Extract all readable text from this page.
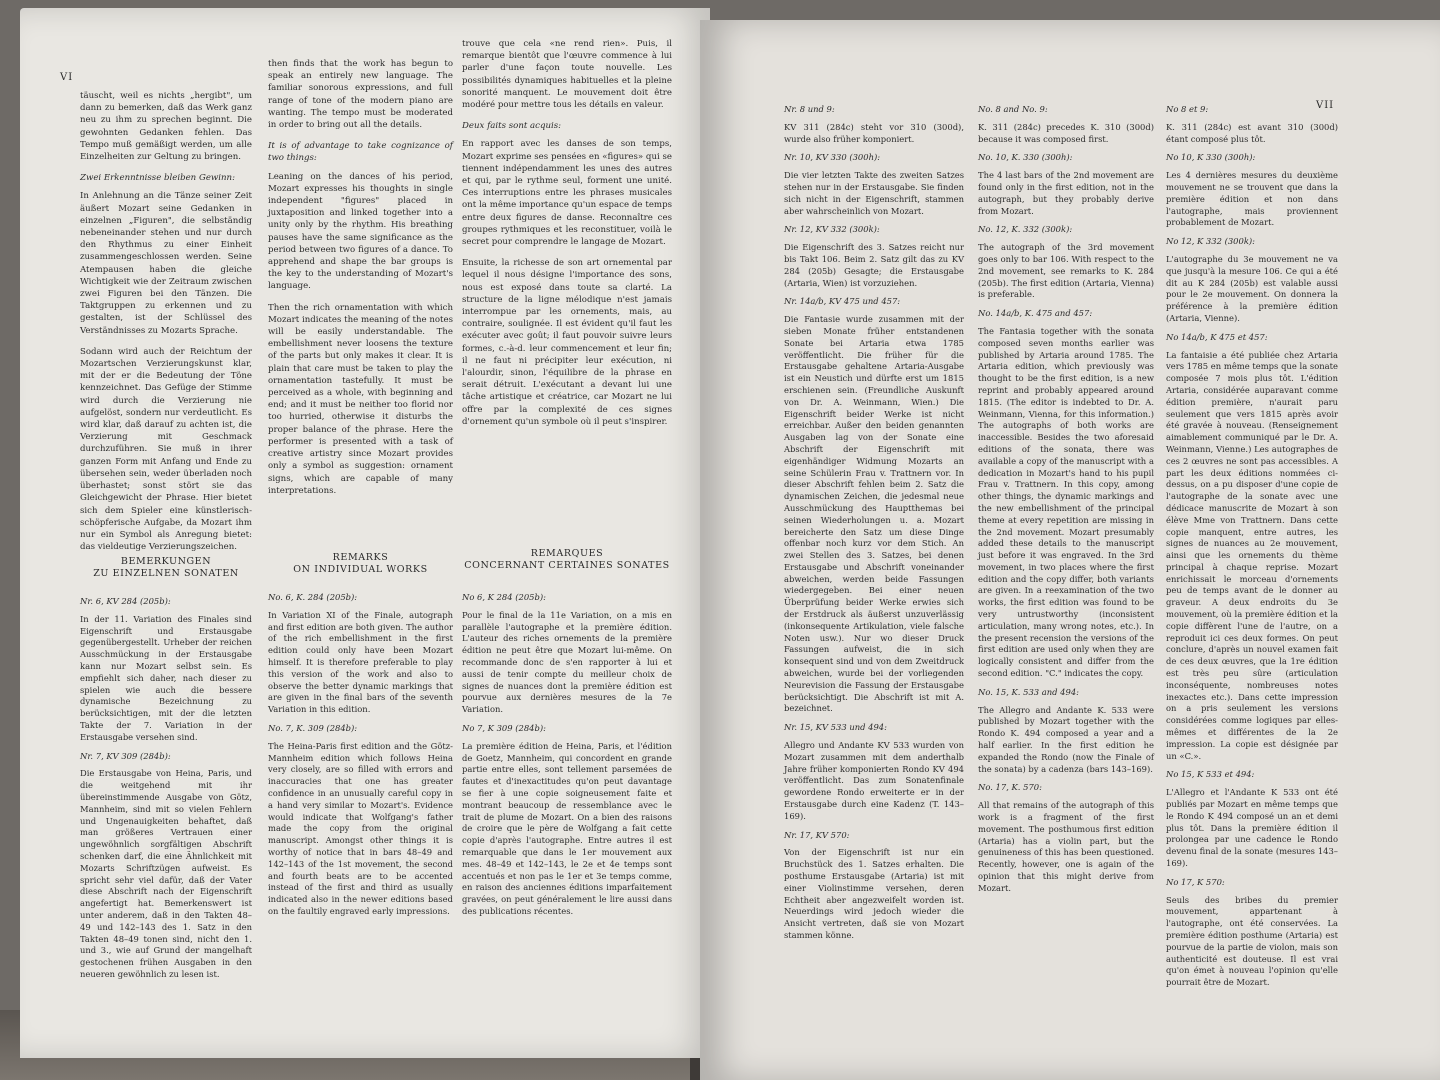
VI

täuscht, weil es nichts „hergibt", um dann zu bemerken, daß das Werk ganz neu zu ihm zu sprechen beginnt. Die gewohnten Gedanken fehlen. Das Tempo muß gemäßigt werden, um alle Einzelheiten zur Geltung zu bringen.

Zwei Erkenntnisse bleiben Gewinn:

In Anlehnung an die Tänze seiner Zeit äußert Mozart seine Gedanken in einzelnen „Figuren", die selbständig nebeneinander stehen und nur durch den Rhythmus zu einer Einheit zusammengeschlossen werden. Seine Atempausen haben die gleiche Wichtigkeit wie der Zeitraum zwischen zwei Figuren bei den Tänzen. Die Taktgruppen zu erkennen und zu gestalten, ist der Schlüssel des Verständnisses zu Mozarts Sprache.

Sodann wird auch der Reichtum der Mozartschen Verzierungskunst klar, mit der er die Bedeutung der Töne kennzeichnet. Das Gefüge der Stimme wird durch die Verzierung nie aufgelöst, sondern nur verdeutlicht. Es wird klar, daß darauf zu achten ist, die Verzierung mit Geschmack durchzuführen. Sie muß in ihrer ganzen Form mit Anfang und Ende zu übersehen sein, weder überladen noch überhastet; sonst stört sie das Gleichgewicht der Phrase. Hier bietet sich dem Spieler eine künstlerisch-schöpferische Aufgabe, da Mozart ihm nur ein Symbol als Anregung bietet: das vieldeutige Verzierungszeichen.

then finds that the work has begun to speak an entirely new language. The familiar sonorous expressions, and full range of tone of the modern piano are wanting. The tempo must be moderated in order to bring out all the details.

It is of advantage to take cognizance of two things:

Leaning on the dances of his period, Mozart expresses his thoughts in single independent "figures" placed in juxtaposition and linked together into a unity only by the rhythm. His breathing pauses have the same significance as the period between two figures of a dance. To apprehend and shape the bar groups is the key to the understanding of Mozart's language.

Then the rich ornamentation with which Mozart indicates the meaning of the notes will be easily understandable. The embellishment never loosens the texture of the parts but only makes it clear. It is plain that care must be taken to play the ornamentation tastefully. It must be perceived as a whole, with beginning and end; and it must be neither too florid nor too hurried, otherwise it disturbs the proper balance of the phrase. Here the performer is presented with a task of creative artistry since Mozart provides only a symbol as suggestion: ornament signs, which are capable of many interpretations.

trouve que cela «ne rend rien». Puis, il remarque bientôt que l'œuvre commence à lui parler d'une façon toute nouvelle. Les possibilités dynamiques habituelles et la pleine sonorité manquent. Le mouvement doit être modéré pour mettre tous les détails en valeur.

Deux faits sont acquis:

En rapport avec les danses de son temps, Mozart exprime ses pensées en «figures» qui se tiennent indépendamment les unes des autres et qui, par le rythme seul, forment une unité. Ces interruptions entre les phrases musicales ont la même importance qu'un espace de temps entre deux figures de danse. Reconnaître ces groupes rythmiques et les reconstituer, voilà le secret pour comprendre le langage de Mozart.

Ensuite, la richesse de son art ornemental par lequel il nous désigne l'importance des sons, nous est exposé dans toute sa clarté. La structure de la ligne mélodique n'est jamais interrompue par les ornements, mais, au contraire, soulignée. Il est évident qu'il faut les exécuter avec goût; il faut pouvoir suivre leurs formes, c.-à-d. leur commencement et leur fin; il ne faut ni précipiter leur exécution, ni l'alourdir, sinon, l'équilibre de la phrase en serait détruit. L'exécutant a devant lui une tâche artistique et créatrice, car Mozart ne lui offre par la complexité de ces signes d'ornement qu'un symbole où il peut s'inspirer.

BEMERKUNGEN
ZU EINZELNEN SONATEN
REMARKS
ON INDIVIDUAL WORKS
REMARQUES
CONCERNANT CERTAINES SONATES

Nr. 6, KV 284 (205b):

In der 11. Variation des Finales sind Eigenschrift und Erstausgabe gegenübergestellt. Urheber der reichen Ausschmückung in der Erstausgabe kann nur Mozart selbst sein. Es empfiehlt sich daher, nach dieser zu spielen wie auch die bessere dynamische Bezeichnung zu berücksichtigen, mit der die letzten Takte der 7. Variation in der Erstausgabe versehen sind.

Nr. 7, KV 309 (284b):

Die Erstausgabe von Heina, Paris, und die weitgehend mit ihr übereinstimmende Ausgabe von Götz, Mannheim, sind mit so vielen Fehlern und Ungenauigkeiten behaftet, daß man größeres Vertrauen einer ungewöhnlich sorgfältigen Abschrift schenken darf, die eine Ähnlichkeit mit Mozarts Schriftzügen aufweist. Es spricht sehr viel dafür, daß der Vater diese Abschrift nach der Eigenschrift angefertigt hat. Bemerkenswert ist unter anderem, daß in den Takten 48–49 und 142–143 des 1. Satz in den Takten 48–49 tonen sind, nicht den 1. und 3., wie auf Grund der mangelhaft gestochenen frühen Ausgaben in den neueren gewöhnlich zu lesen ist.

No. 6, K. 284 (205b):

In Variation XI of the Finale, autograph and first edition are both given. The author of the rich embellishment in the first edition could only have been Mozart himself. It is therefore preferable to play this version of the work and also to observe the better dynamic markings that are given in the final bars of the seventh Variation in this edition.

No. 7, K. 309 (284b):

The Heina-Paris first edition and the Götz-Mannheim edition which follows Heina very closely, are so filled with errors and inaccuracies that one has greater confidence in an unusually careful copy in a hand very similar to Mozart's. Evidence would indicate that Wolfgang's father made the copy from the original manuscript. Amongst other things it is worthy of notice that in bars 48–49 and 142–143 of the 1st movement, the second and fourth beats are to be accented instead of the first and third as usually indicated also in the newer editions based on the faultily engraved early impressions.

No 6, K 284 (205b):

Pour le final de la 11e Variation, on a mis en parallèle l'autographe et la première édition. L'auteur des riches ornements de la première édition ne peut être que Mozart lui-même. On recommande donc de s'en rapporter à lui et aussi de tenir compte du meilleur choix de signes de nuances dont la première édition est pourvue aux dernières mesures de la 7e Variation.

No 7, K 309 (284b):

La première édition de Heina, Paris, et l'édition de Goetz, Mannheim, qui concordent en grande partie entre elles, sont tellement parsemées de fautes et d'inexactitudes qu'on peut davantage se fier à une copie soigneusement faite et montrant beaucoup de ressemblance avec le trait de plume de Mozart. On a bien des raisons de croire que le père de Wolfgang a fait cette copie d'après l'autographe. Entre autres il est remarquable que dans le 1er mouvement aux mes. 48–49 et 142–143, le 2e et 4e temps sont accentués et non pas le 1er et 3e temps comme, en raison des anciennes éditions imparfaitement gravées, on peut généralement le lire aussi dans des publications récentes.

VII

Nr. 8 und 9:

KV 311 (284c) steht vor 310 (300d), wurde also früher komponiert.

Nr. 10, KV 330 (300h):

Die vier letzten Takte des zweiten Satzes stehen nur in der Erstausgabe. Sie finden sich nicht in der Eigenschrift, stammen aber wahrscheinlich von Mozart.

Nr. 12, KV 332 (300k):

Die Eigenschrift des 3. Satzes reicht nur bis Takt 106. Beim 2. Satz gilt das zu KV 284 (205b) Gesagte; die Erstausgabe (Artaria, Wien) ist vorzuziehen.

Nr. 14a/b, KV 475 und 457:

Die Fantasie wurde zusammen mit der sieben Monate früher entstandenen Sonate bei Artaria etwa 1785 veröffentlicht. Die früher für die Erstausgabe gehaltene Artaria-Ausgabe ist ein Neustich und dürfte erst um 1815 erschienen sein. (Freundliche Auskunft von Dr. A. Weinmann, Wien.) Die Eigenschrift beider Werke ist nicht erreichbar. Außer den beiden genannten Ausgaben lag von der Sonate eine Abschrift der Eigenschrift mit eigenhändiger Widmung Mozarts an seine Schülerin Frau v. Trattnern vor. In dieser Abschrift fehlen beim 2. Satz die dynamischen Zeichen, die jedesmal neue Ausschmückung des Hauptthemas bei seinen Wiederholungen u. a. Mozart bereicherte den Satz um diese Dinge offenbar noch kurz vor dem Stich. An zwei Stellen des 3. Satzes, bei denen Erstausgabe und Abschrift voneinander abweichen, werden beide Fassungen wiedergegeben. Bei einer neuen Überprüfung beider Werke erwies sich der Erstdruck als äußerst unzuverlässig (inkonsequente Artikulation, viele falsche Noten usw.). Nur wo dieser Druck Fassungen aufweist, die in sich konsequent sind und von dem Zweitdruck abweichen, wurde bei der vorliegenden Neurevision die Fassung der Erstausgabe berücksichtigt. Die Abschrift ist mit A. bezeichnet.

Nr. 15, KV 533 und 494:

Allegro und Andante KV 533 wurden von Mozart zusammen mit dem anderthalb Jahre früher komponierten Rondo KV 494 veröffentlicht. Das zum Sonatenfinale gewordene Rondo erweiterte er in der Erstausgabe durch eine Kadenz (T. 143–169).

Nr. 17, KV 570:

Von der Eigenschrift ist nur ein Bruchstück des 1. Satzes erhalten. Die posthume Erstausgabe (Artaria) ist mit einer Violinstimme versehen, deren Echtheit aber angezweifelt worden ist. Neuerdings wird jedoch wieder die Ansicht vertreten, daß sie von Mozart stammen könne.

No. 8 and No. 9:

K. 311 (284c) precedes K. 310 (300d) because it was composed first.

No. 10, K. 330 (300h):

The 4 last bars of the 2nd movement are found only in the first edition, not in the autograph, but they probably derive from Mozart.

No. 12, K. 332 (300k):

The autograph of the 3rd movement goes only to bar 106. With respect to the 2nd movement, see remarks to K. 284 (205b). The first edition (Artaria, Vienna) is preferable.

No. 14a/b, K. 475 and 457:

The Fantasia together with the sonata composed seven months earlier was published by Artaria around 1785. The Artaria edition, which previously was thought to be the first edition, is a new reprint and probably appeared around 1815. (The editor is indebted to Dr. A. Weinmann, Vienna, for this information.) The autographs of both works are inaccessible. Besides the two aforesaid editions of the sonata, there was available a copy of the manuscript with a dedication in Mozart's hand to his pupil Frau v. Trattnern. In this copy, among other things, the dynamic markings and the new embellishment of the principal theme at every repetition are missing in the 2nd movement. Mozart presumably added these details to the manuscript just before it was engraved. In the 3rd movement, in two places where the first edition and the copy differ, both variants are given. In a reexamination of the two works, the first edition was found to be very untrustworthy (inconsistent articulation, many wrong notes, etc.). In the present recension the versions of the first edition are used only when they are logically consistent and differ from the second edition. "C." indicates the copy.

No. 15, K. 533 and 494:

The Allegro and Andante K. 533 were published by Mozart together with the Rondo K. 494 composed a year and a half earlier. In the first edition he expanded the Rondo (now the Finale of the sonata) by a cadenza (bars 143–169).

No. 17, K. 570:

All that remains of the autograph of this work is a fragment of the first movement. The posthumous first edition (Artaria) has a violin part, but the genuineness of this has been questioned. Recently, however, one is again of the opinion that this might derive from Mozart.

No 8 et 9:

K. 311 (284c) est avant 310 (300d) étant composé plus tôt.

No 10, K 330 (300h):

Les 4 dernières mesures du deuxième mouvement ne se trouvent que dans la première édition et non dans l'autographe, mais proviennent probablement de Mozart.

No 12, K 332 (300k):

L'autographe du 3e mouvement ne va que jusqu'à la mesure 106. Ce qui a été dit au K 284 (205b) est valable aussi pour le 2e mouvement. On donnera la préférence à la première édition (Artaria, Vienne).

No 14a/b, K 475 et 457:

La fantaisie a été publiée chez Artaria vers 1785 en même temps que la sonate composée 7 mois plus tôt. L'édition Artaria, considérée auparavant comme édition première, n'aurait paru seulement que vers 1815 après avoir été gravée à nouveau. (Renseignement aimablement communiqué par le Dr. A. Weinmann, Vienne.) Les autographes de ces 2 œuvres ne sont pas accessibles. A part les deux éditions nommées ci-dessus, on a pu disposer d'une copie de l'autographe de la sonate avec une dédicace manuscrite de Mozart à son élève Mme von Trattnern. Dans cette copie manquent, entre autres, les signes de nuances au 2e mouvement, ainsi que les ornements du thème principal à chaque reprise. Mozart enrichissait le morceau d'ornements peu de temps avant de le donner au graveur. A deux endroits du 3e mouvement, où la première édition et la copie diffèrent l'une de l'autre, on a reproduit ici ces deux formes. On peut conclure, d'après un nouvel examen fait de ces deux œuvres, que la 1re édition est très peu sûre (articulation inconséquente, nombreuses notes inexactes etc.). Dans cette impression on a pris seulement les versions considérées comme logiques par elles-mêmes et différentes de la 2e impression. La copie est désignée par un «C.».

No 15, K 533 et 494:

L'Allegro et l'Andante K 533 ont été publiés par Mozart en même temps que le Rondo K 494 composé un an et demi plus tôt. Dans la première édition il prolongea par une cadence le Rondo devenu final de la sonate (mesures 143–169).

No 17, K 570:

Seuls des bribes du premier mouvement, appartenant à l'autographe, ont été conservées. La première édition posthume (Artaria) est pourvue de la partie de violon, mais son authenticité est douteuse. Il est vrai qu'on émet à nouveau l'opinion qu'elle pourrait être de Mozart.
